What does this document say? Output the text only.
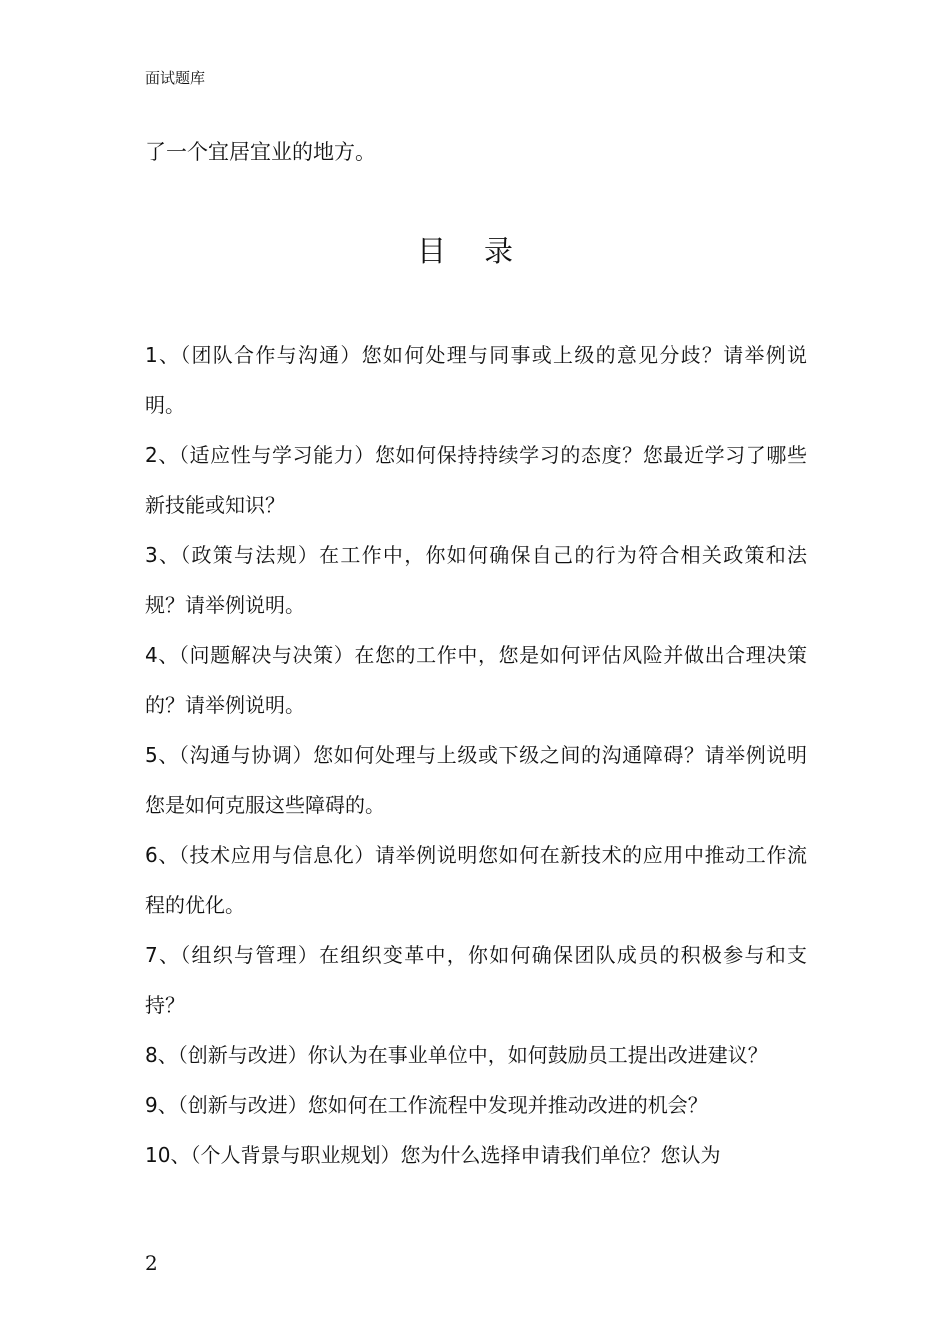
面试题库
了一个宜居宜业的地方。
目录
1、（团队合作与沟通）您如何处理与同事或上级的意见分歧？请举例说明。
2、（适应性与学习能力）您如何保持持续学习的态度？您最近学习了哪些新技能或知识？
3、（政策与法规）在工作中，你如何确保自己的行为符合相关政策和法规？请举例说明。
4、（问题解决与决策）在您的工作中，您是如何评估风险并做出合理决策的？请举例说明。
5、（沟通与协调）您如何处理与上级或下级之间的沟通障碍？请举例说明您是如何克服这些障碍的。
6、（技术应用与信息化）请举例说明您如何在新技术的应用中推动工作流程的优化。
7、（组织与管理）在组织变革中，你如何确保团队成员的积极参与和支持？
8、（创新与改进）你认为在事业单位中，如何鼓励员工提出改进建议？
9、（创新与改进）您如何在工作流程中发现并推动改进的机会？
10、（个人背景与职业规划）您为什么选择申请我们单位？您认为
2
